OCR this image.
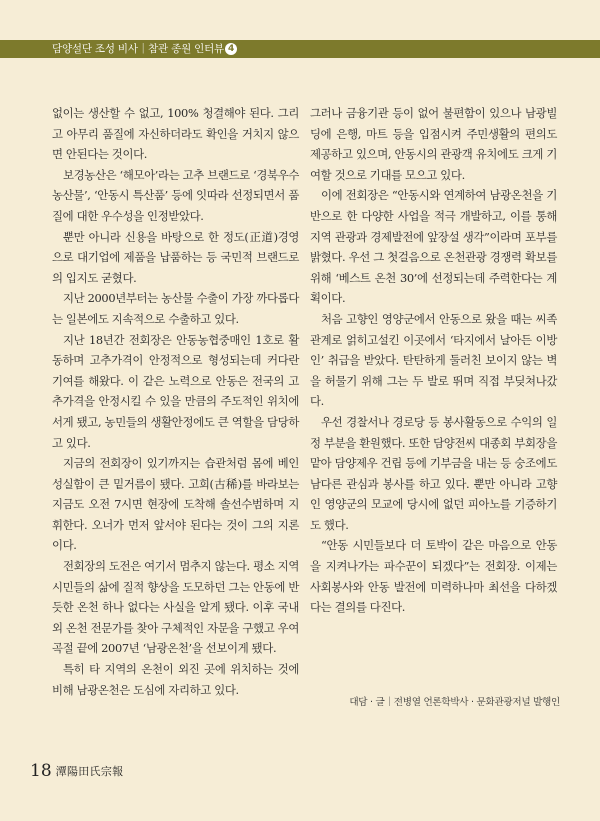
담양설단 조성 비사｜참관 종원 인터뷰 4

없이는 생산할 수 없고, 100% 청결해야 된다. 그리고 아무리 품질에 자신하더라도 확인을 거치지 않으면 안된다는 것이다.

보경농산은 ‘해모아’라는 고추 브랜드로 ‘경북우수농산물’, ‘안동시 특산품’ 등에 잇따라 선정되면서 품질에 대한 우수성을 인정받았다.

뿐만 아니라 신용을 바탕으로 한 정도(正道)경영으로 대기업에 제품을 납품하는 등 국민적 브랜드로의 입지도 굳혔다.

지난 2000년부터는 농산물 수출이 가장 까다롭다는 일본에도 지속적으로 수출하고 있다.

지난 18년간 전회장은 안동농협중매인 1호로 활동하며 고추가격이 안정적으로 형성되는데 커다란 기여를 해왔다. 이 같은 노력으로 안동은 전국의 고추가격을 안정시킬 수 있을 만큼의 주도적인 위치에 서게 됐고, 농민들의 생활안정에도 큰 역할을 담당하고 있다.

지금의 전회장이 있기까지는 습관처럼 몸에 베인 성실함이 큰 밑거름이 됐다. 고희(古稀)를 바라보는 지금도 오전 7시면 현장에 도착해 솔선수범하며 지휘한다. 오너가 먼저 앞서야 된다는 것이 그의 지론이다.

전회장의 도전은 여기서 멈추지 않는다. 평소 지역시민들의 삶에 질적 향상을 도모하던 그는 안동에 반듯한 온천 하나 없다는 사실을 알게 됐다. 이후 국내외 온천 전문가를 찾아 구체적인 자문을 구했고 우여곡절 끝에 2007년 ‘남광온천’을 선보이게 됐다.

특히 타 지역의 온천이 외진 곳에 위치하는 것에 비해 남광온천은 도심에 자리하고 있다.

그러나 금융기관 등이 없어 불편함이 있으나 남광빌딩에 은행, 마트 등을 입점시켜 주민생활의 편의도 제공하고 있으며, 안동시의 관광객 유치에도 크게 기여할 것으로 기대를 모으고 있다.

이에 전회장은 “안동시와 연계하여 남광온천을 기반으로 한 다양한 사업을 적극 개발하고, 이를 통해 지역 관광과 경제발전에 앞장설 생각”이라며 포부를 밝혔다. 우선 그 첫걸음으로 온천관광 경쟁력 확보를 위해 ‘베스트 온천 30’에 선정되는데 주력한다는 계획이다.

처음 고향인 영양군에서 안동으로 왔을 때는 씨족 관계로 얽히고설킨 이곳에서 ‘타지에서 날아든 이방인’ 취급을 받았다. 탄탄하게 둘러친 보이지 않는 벽을 허물기 위해 그는 두 발로 뛰며 직접 부딪쳐나갔다.

우선 경찰서나 경로당 등 봉사활동으로 수익의 일정 부분을 환원했다. 또한 담양전씨 대종회 부회장을 맡아 담양제우 건립 등에 기부금을 내는 등 숭조에도 남다른 관심과 봉사를 하고 있다. 뿐만 아니라 고향인 영양군의 모교에 당시에 없던 피아노를 기증하기도 했다.

“안동 시민들보다 더 토박이 같은 마음으로 안동을 지켜나가는 파수꾼이 되겠다”는 전회장. 이제는 사회봉사와 안동 발전에 미력하나마 최선을 다하겠다는 결의를 다진다.

대담 · 글｜전병열 언론학박사 · 문화관광저널 발행인
18 潭陽田氏宗報
